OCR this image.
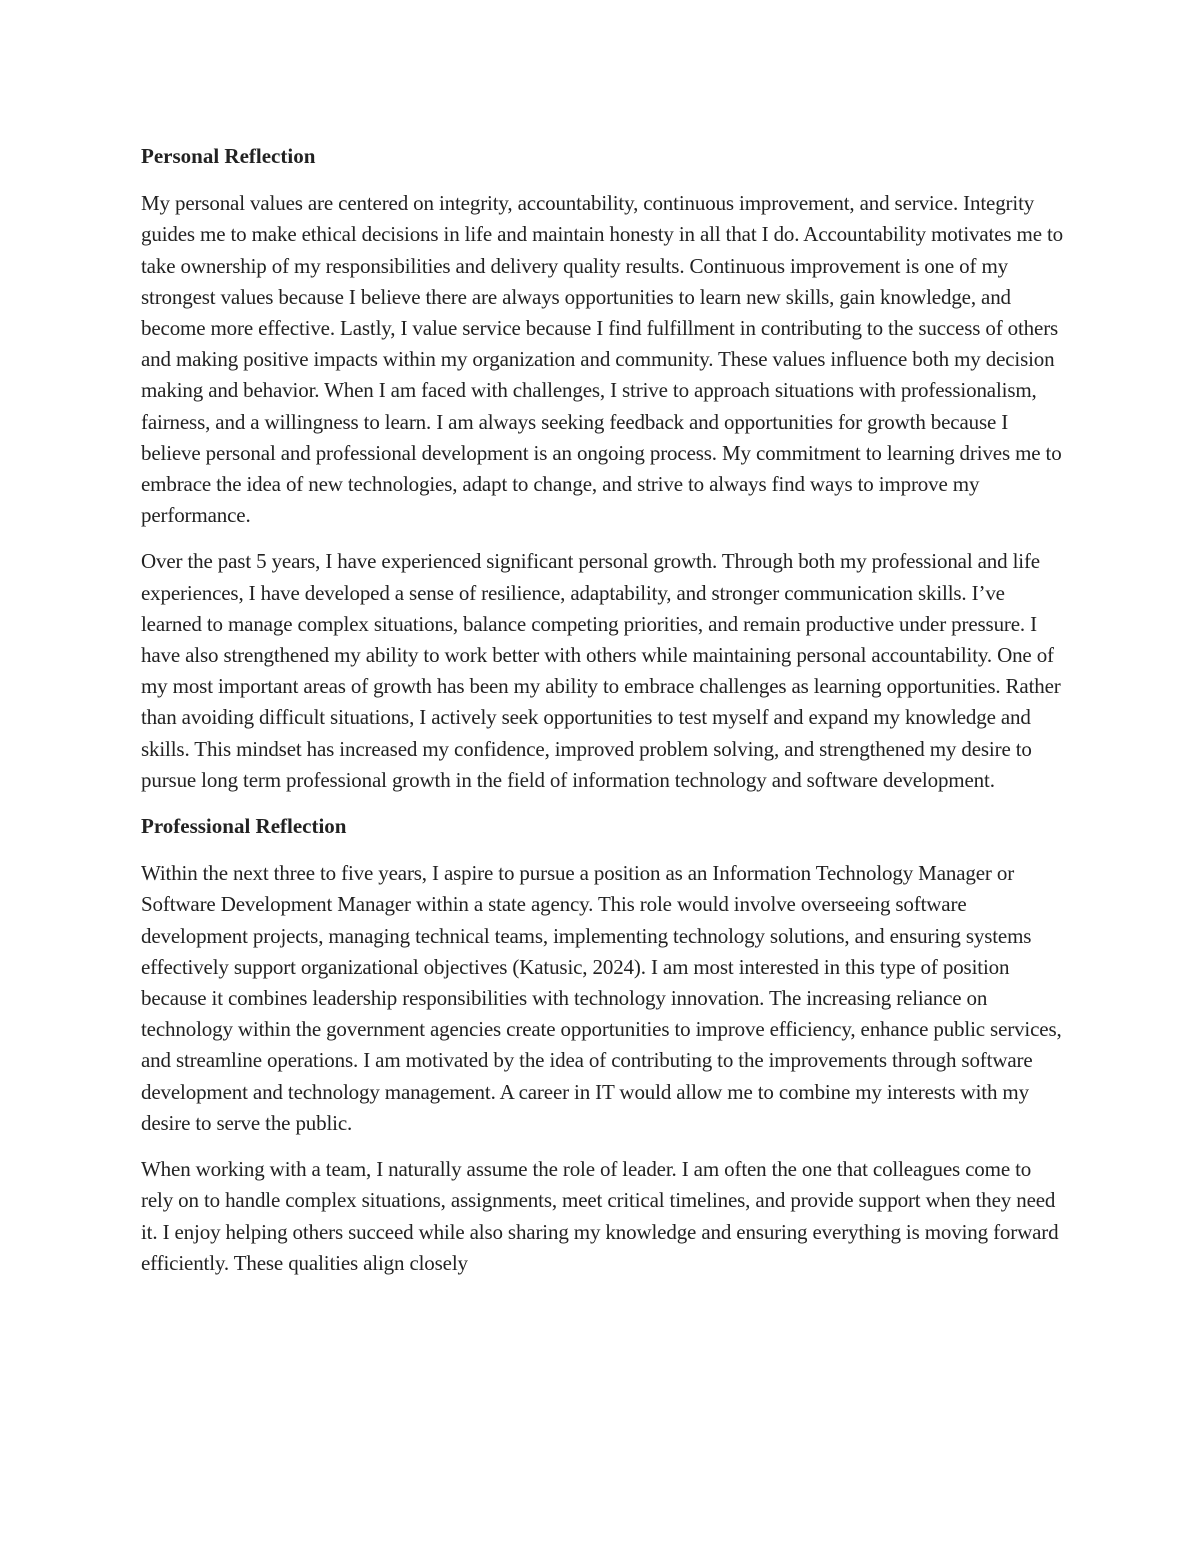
Personal Reflection

My personal values are centered on integrity, accountability, continuous improvement, and service. Integrity guides me to make ethical decisions in life and maintain honesty in all that I do. Accountability motivates me to take ownership of my responsibilities and delivery quality results. Continuous improvement is one of my strongest values because I believe there are always opportunities to learn new skills, gain knowledge, and become more effective. Lastly, I value service because I find fulfillment in contributing to the success of others and making positive impacts within my organization and community. These values influence both my decision making and behavior. When I am faced with challenges, I strive to approach situations with professionalism, fairness, and a willingness to learn. I am always seeking feedback and opportunities for growth because I believe personal and professional development is an ongoing process. My commitment to learning drives me to embrace the idea of new technologies, adapt to change, and strive to always find ways to improve my performance.

Over the past 5 years, I have experienced significant personal growth. Through both my professional and life experiences, I have developed a sense of resilience, adaptability, and stronger communication skills. I’ve learned to manage complex situations, balance competing priorities, and remain productive under pressure. I have also strengthened my ability to work better with others while maintaining personal accountability. One of my most important areas of growth has been my ability to embrace challenges as learning opportunities. Rather than avoiding difficult situations, I actively seek opportunities to test myself and expand my knowledge and skills. This mindset has increased my confidence, improved problem solving, and strengthened my desire to pursue long term professional growth in the field of information technology and software development.

Professional Reflection

Within the next three to five years, I aspire to pursue a position as an Information Technology Manager or Software Development Manager within a state agency. This role would involve overseeing software development projects, managing technical teams, implementing technology solutions, and ensuring systems effectively support organizational objectives (Katusic, 2024). I am most interested in this type of position because it combines leadership responsibilities with technology innovation. The increasing reliance on technology within the government agencies create opportunities to improve efficiency, enhance public services, and streamline operations. I am motivated by the idea of contributing to the improvements through software development and technology management. A career in IT would allow me to combine my interests with my desire to serve the public.

When working with a team, I naturally assume the role of leader. I am often the one that colleagues come to rely on to handle complex situations, assignments, meet critical timelines, and provide support when they need it. I enjoy helping others succeed while also sharing my knowledge and ensuring everything is moving forward efficiently. These qualities align closely
